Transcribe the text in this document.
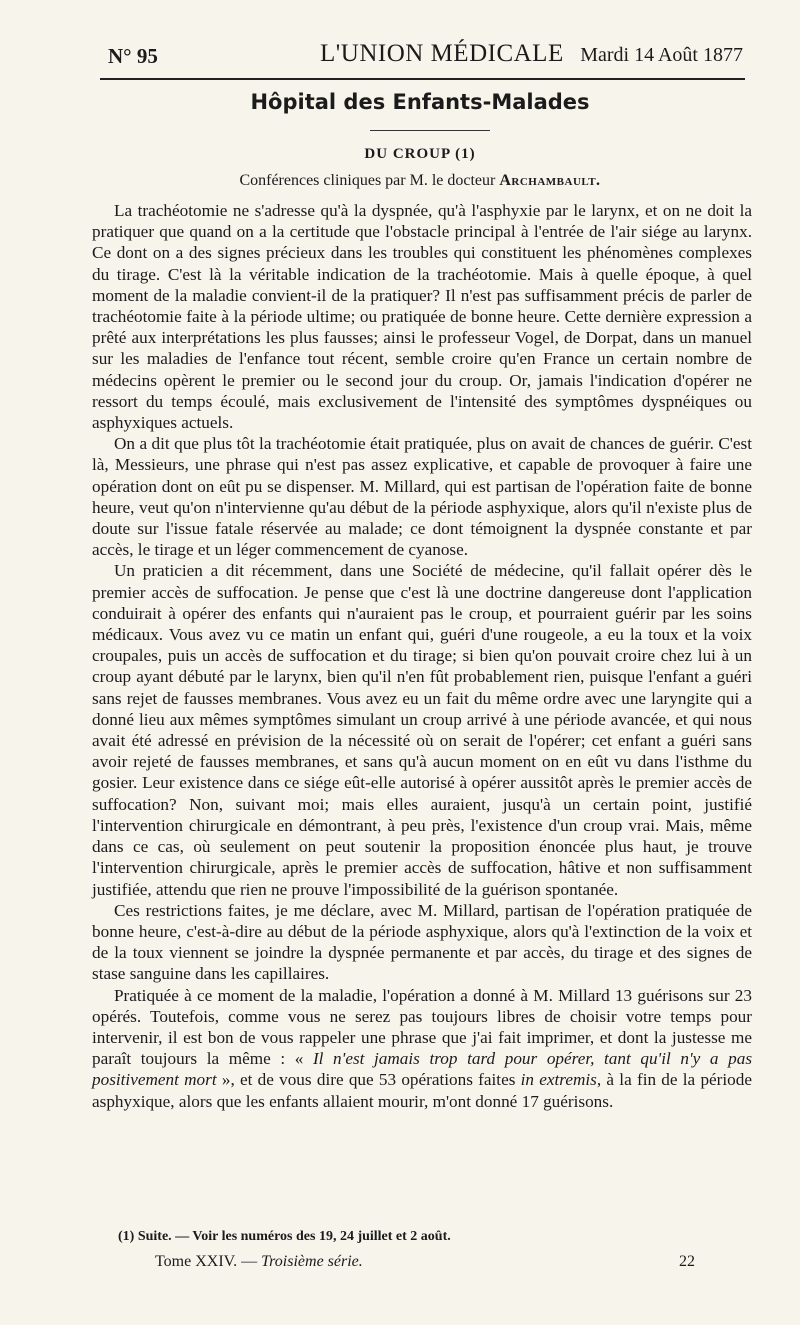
N° 95	L'UNION MÉDICALE Mardi 14 Août 1877
Hôpital des Enfants-Malades
DU CROUP (1)
Conférences cliniques par M. le docteur Archambault.

La trachéotomie ne s'adresse qu'à la dyspnée, qu'à l'asphyxie par le larynx, et on ne doit la pratiquer que quand on a la certitude que l'obstacle principal à l'entrée de l'air siége au larynx. Ce dont on a des signes précieux dans les troubles qui constituent les phénomènes complexes du tirage. C'est là la véritable indication de la trachéotomie. Mais à quelle époque, à quel moment de la maladie convient-il de la pratiquer? Il n'est pas suffisamment précis de parler de trachéotomie faite à la période ultime; ou pratiquée de bonne heure. Cette dernière expression a prêté aux interprétations les plus fausses; ainsi le professeur Vogel, de Dorpat, dans un manuel sur les maladies de l'enfance tout récent, semble croire qu'en France un certain nombre de médecins opèrent le premier ou le second jour du croup. Or, jamais l'indication d'opérer ne ressort du temps écoulé, mais exclusivement de l'intensité des symptômes dyspnéiques ou asphyxiques actuels.

On a dit que plus tôt la trachéotomie était pratiquée, plus on avait de chances de guérir. C'est là, Messieurs, une phrase qui n'est pas assez explicative, et capable de provoquer à faire une opération dont on eût pu se dispenser. M. Millard, qui est partisan de l'opération faite de bonne heure, veut qu'on n'intervienne qu'au début de la période asphyxique, alors qu'il n'existe plus de doute sur l'issue fatale réservée au malade; ce dont témoignent la dyspnée constante et par accès, le tirage et un léger commencement de cyanose.

Un praticien a dit récemment, dans une Société de médecine, qu'il fallait opérer dès le premier accès de suffocation. Je pense que c'est là une doctrine dangereuse dont l'application conduirait à opérer des enfants qui n'auraient pas le croup, et pourraient guérir par les soins médicaux. Vous avez vu ce matin un enfant qui, guéri d'une rougeole, a eu la toux et la voix croupales, puis un accès de suffocation et du tirage; si bien qu'on pouvait croire chez lui à un croup ayant débuté par le larynx, bien qu'il n'en fût probablement rien, puisque l'enfant a guéri sans rejet de fausses membranes. Vous avez eu un fait du même ordre avec une laryngite qui a donné lieu aux mêmes symptômes simulant un croup arrivé à une période avancée, et qui nous avait été adressé en prévision de la nécessité où on serait de l'opérer; cet enfant a guéri sans avoir rejeté de fausses membranes, et sans qu'à aucun moment on en eût vu dans l'isthme du gosier. Leur existence dans ce siége eût-elle autorisé à opérer aussitôt après le premier accès de suffocation? Non, suivant moi; mais elles auraient, jusqu'à un certain point, justifié l'intervention chirurgicale en démontrant, à peu près, l'existence d'un croup vrai. Mais, même dans ce cas, où seulement on peut soutenir la proposition énoncée plus haut, je trouve l'intervention chirurgicale, après le premier accès de suffocation, hâtive et non suffisamment justifiée, attendu que rien ne prouve l'impossibilité de la guérison spontanée.

Ces restrictions faites, je me déclare, avec M. Millard, partisan de l'opération pratiquée de bonne heure, c'est-à-dire au début de la période asphyxique, alors qu'à l'extinction de la voix et de la toux viennent se joindre la dyspnée permanente et par accès, du tirage et des signes de stase sanguine dans les capillaires.

Pratiquée à ce moment de la maladie, l'opération a donné à M. Millard 13 guérisons sur 23 opérés. Toutefois, comme vous ne serez pas toujours libres de choisir votre temps pour intervenir, il est bon de vous rappeler une phrase que j'ai fait imprimer, et dont la justesse me paraît toujours la même : « Il n'est jamais trop tard pour opérer, tant qu'il n'y a pas positivement mort », et de vous dire que 53 opérations faites in extremis, à la fin de la période asphyxique, alors que les enfants allaient mourir, m'ont donné 17 guérisons.

(1) Suite. — Voir les numéros des 19, 24 juillet et 2 août.
Tome XXIV. — Troisième série.	22
